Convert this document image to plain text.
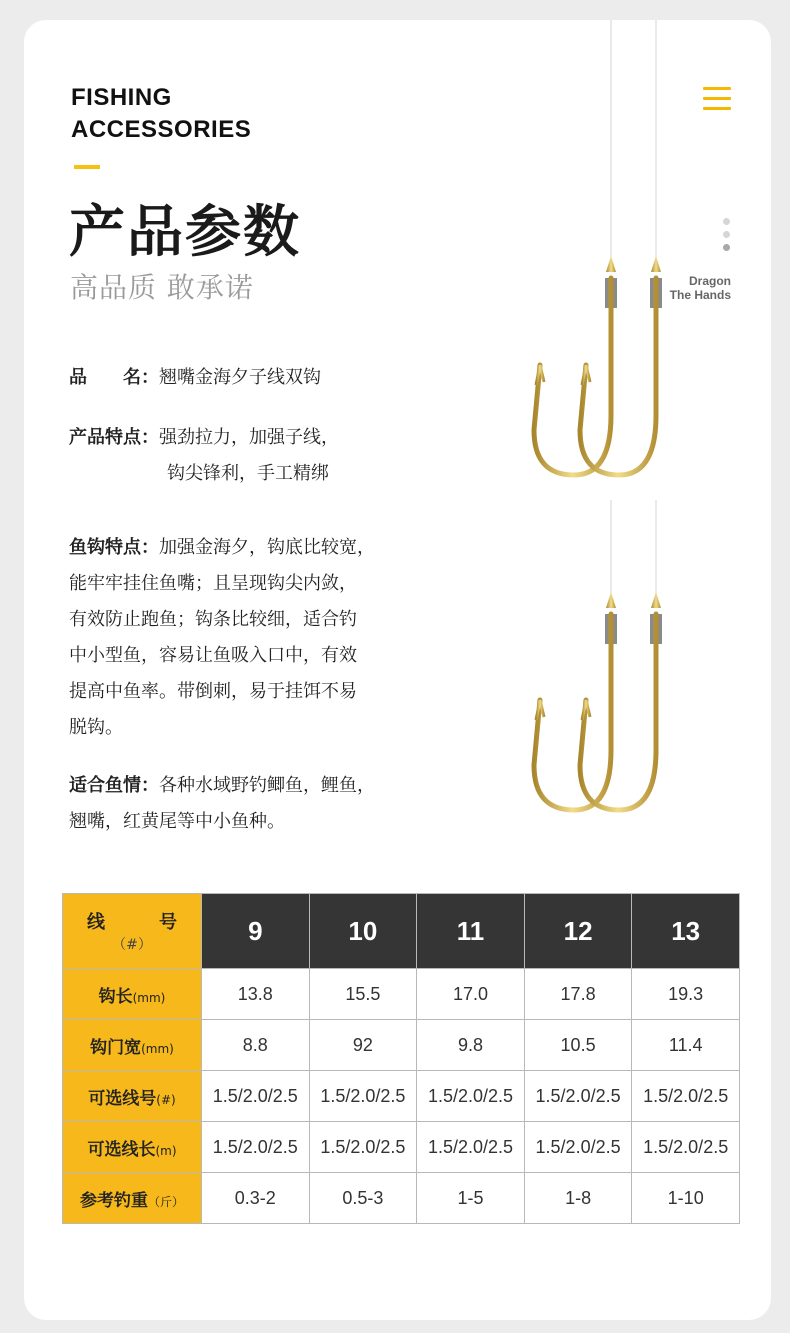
FISHING
ACCESSORIES
产品参数
高品质 敢承诺	Dragon
The Hands
品　　名：翘嘴金海夕子线双钩
产品特点：强劲拉力，加强子线，
钩尖锋利，手工精绑
鱼钩特点：加强金海夕，钩底比较宽，
能牢牢挂住鱼嘴；且呈现钩尖内敛，
有效防止跑鱼；钩条比较细，适合钓
中小型鱼，容易让鱼吸入口中，有效
提高中鱼率。带倒刺，易于挂饵不易
脱钩。
适合鱼情：各种水域野钓鲫鱼，鲤鱼，
翘嘴，红黄尾等中小鱼种。
线　号
（#）	9	10	11	12	13
钩长(mm)	13.8	15.5	17.0	17.8	19.3
钩门宽(mm)	8.8	92	9.8	10.5	11.4
可选线号(#)	1.5/2.0/2.5	1.5/2.0/2.5	1.5/2.0/2.5	1.5/2.0/2.5	1.5/2.0/2.5
可选线长(m)	1.5/2.0/2.5	1.5/2.0/2.5	1.5/2.0/2.5	1.5/2.0/2.5	1.5/2.0/2.5
参考钓重（斤）	0.3-2	0.5-3	1-5	1-8	1-10
